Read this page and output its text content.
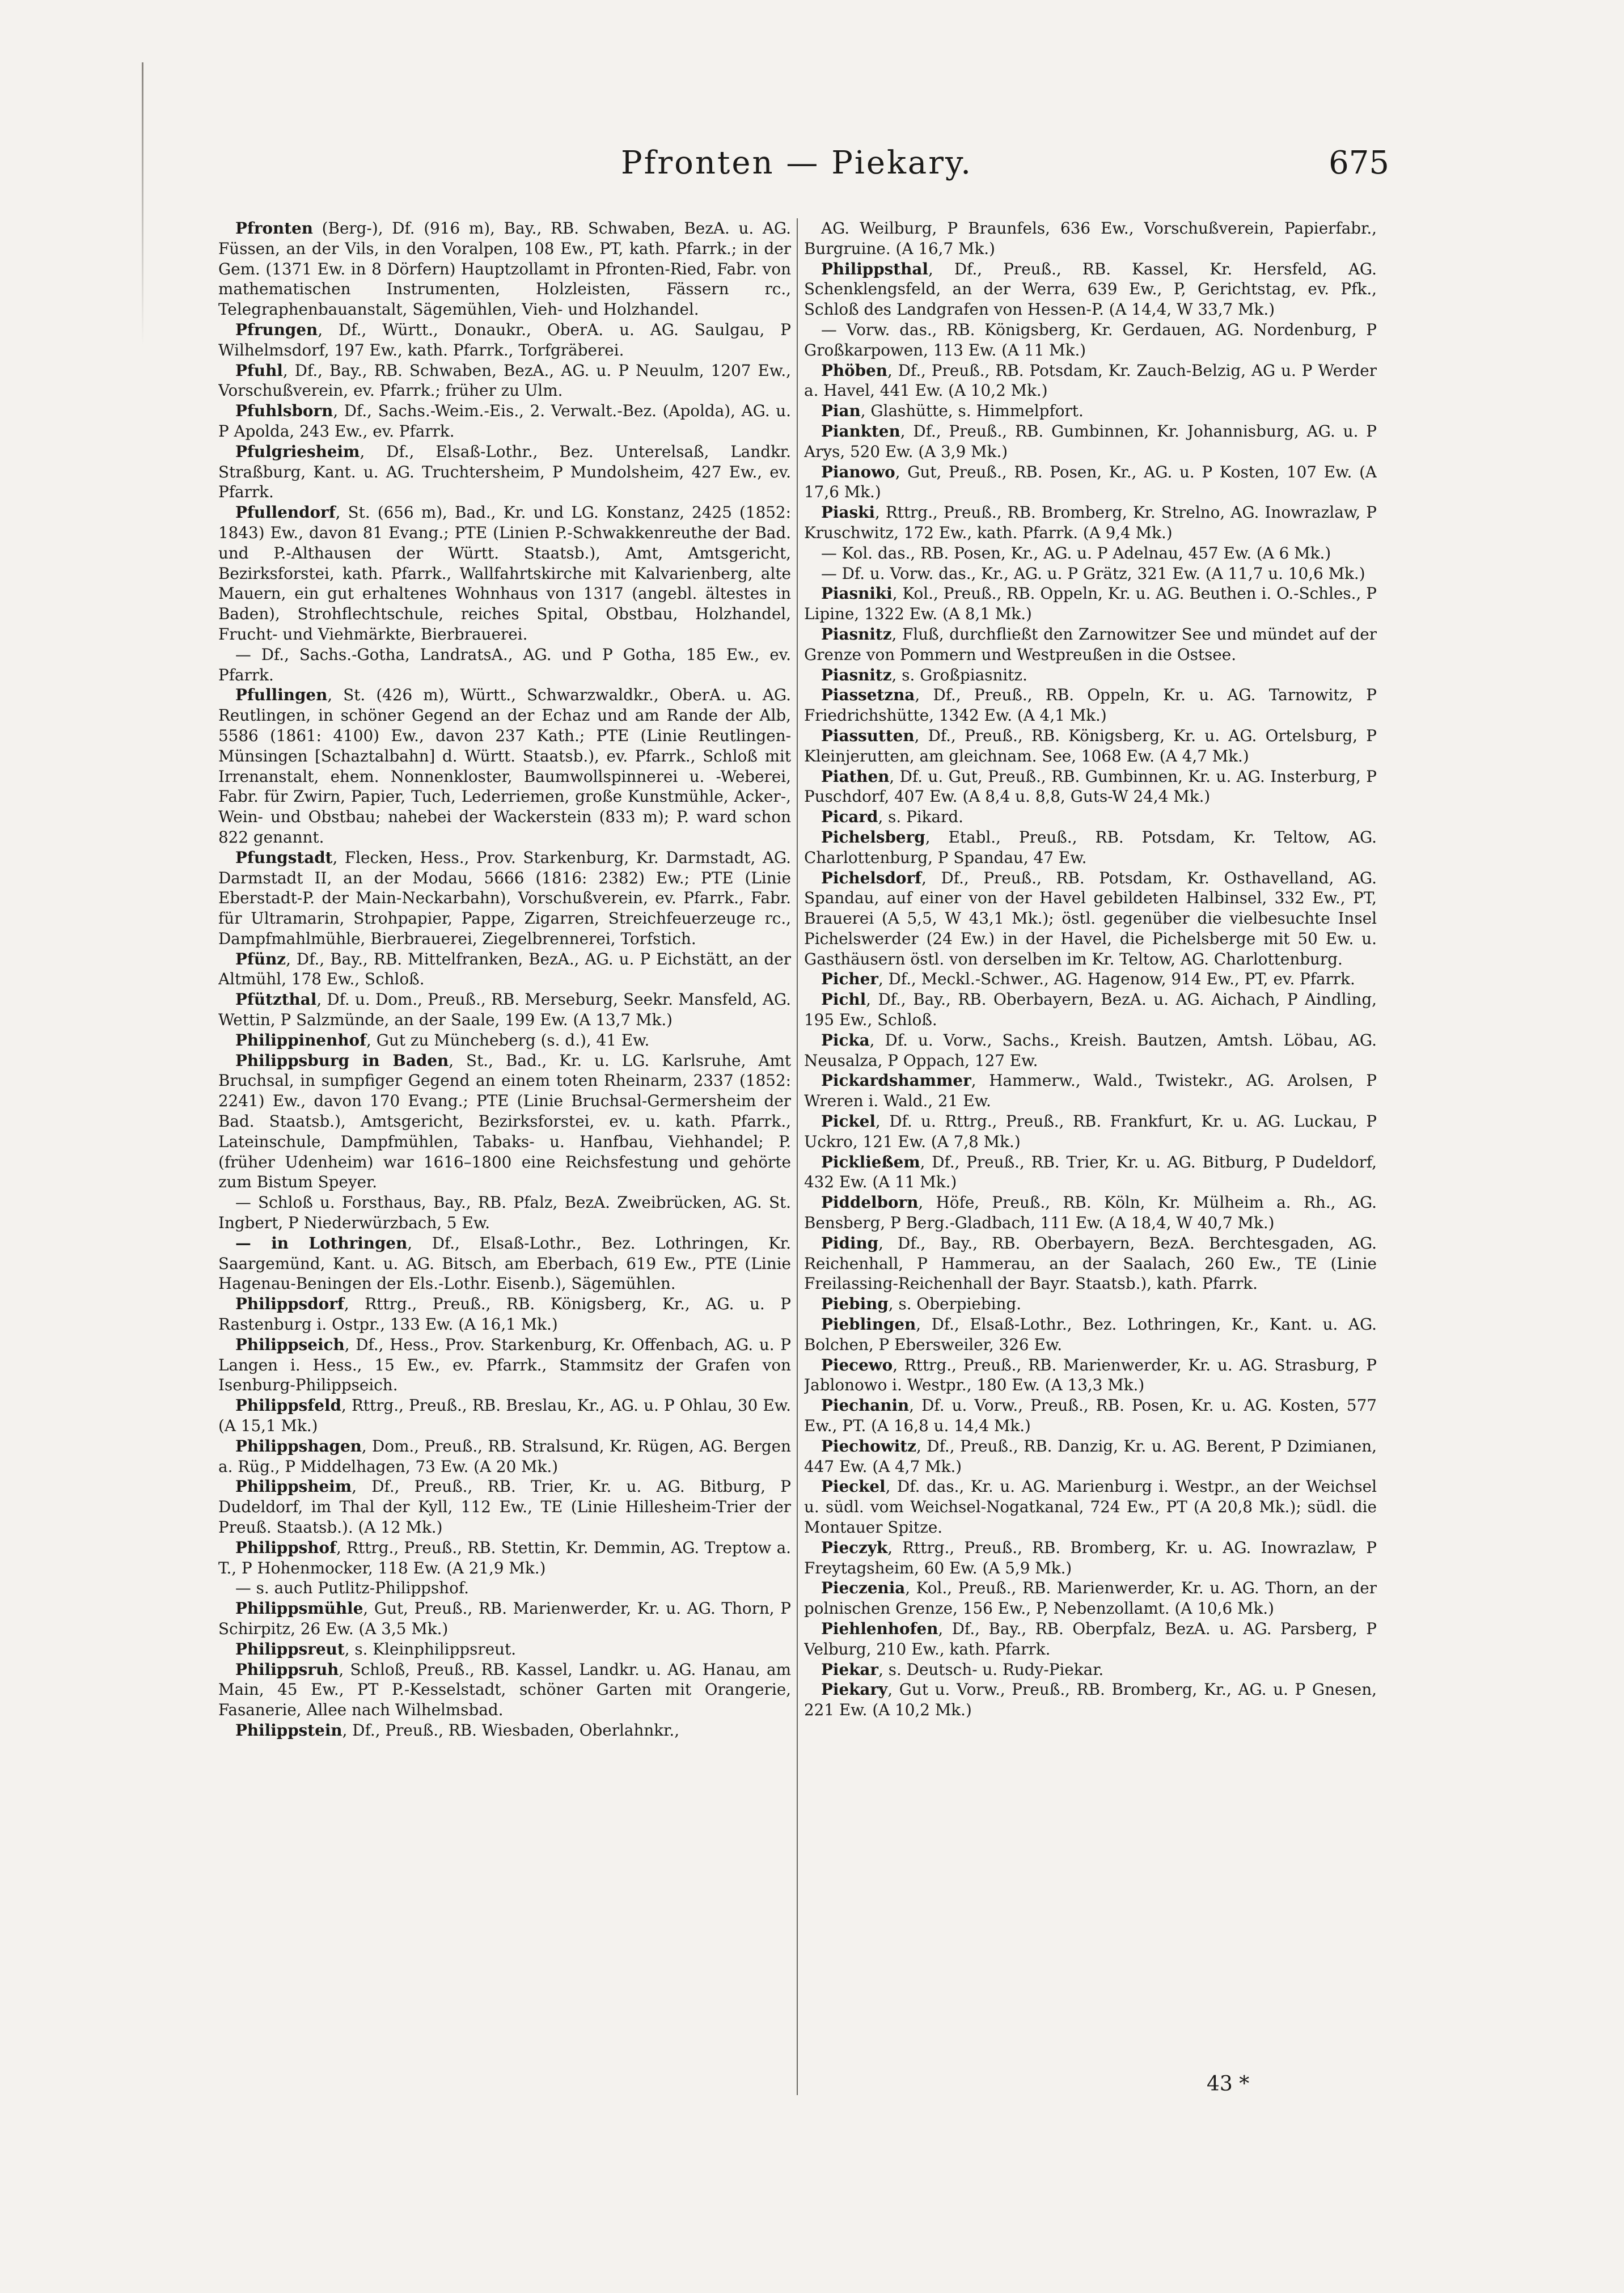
Pfronten — Piekary.	675

Pfronten (Berg-), Df. (916 m), Bay., RB. Schwaben, BezA. u. AG. Füssen, an der Vils, in den Voralpen, 108 Ew., PT, kath. Pfarrk.; in der Gem. (1371 Ew. in 8 Dörfern) Hauptzollamt in Pfronten-Ried, Fabr. von mathematischen Instrumenten, Holzleisten, Fässern rc., Telegraphenbauanstalt, Sägemühlen, Vieh- und Holzhandel.

Pfrungen, Df., Württ., Donaukr., OberA. u. AG. Saulgau, P Wilhelmsdorf, 197 Ew., kath. Pfarrk., Torfgräberei.

Pfuhl, Df., Bay., RB. Schwaben, BezA., AG. u. P Neuulm, 1207 Ew., Vorschußverein, ev. Pfarrk.; früher zu Ulm.

Pfuhlsborn, Df., Sachs.-Weim.-Eis., 2. Verwalt.-Bez. (Apolda), AG. u. P Apolda, 243 Ew., ev. Pfarrk.

Pfulgriesheim, Df., Elsaß-Lothr., Bez. Unterelsaß, Landkr. Straßburg, Kant. u. AG. Truchtersheim, P Mundolsheim, 427 Ew., ev. Pfarrk.

Pfullendorf, St. (656 m), Bad., Kr. und LG. Konstanz, 2425 (1852: 1843) Ew., davon 81 Evang.; PTE (Linien P.-Schwakkenreuthe der Bad. und P.-Althausen der Württ. Staatsb.), Amt, Amtsgericht, Bezirksforstei, kath. Pfarrk., Wallfahrtskirche mit Kalvarienberg, alte Mauern, ein gut erhaltenes Wohnhaus von 1317 (angebl. ältestes in Baden), Strohflechtschule, reiches Spital, Obstbau, Holzhandel, Frucht- und Viehmärkte, Bierbrauerei.

— Df., Sachs.-Gotha, LandratsA., AG. und P Gotha, 185 Ew., ev. Pfarrk.

Pfullingen, St. (426 m), Württ., Schwarzwaldkr., OberA. u. AG. Reutlingen, in schöner Gegend an der Echaz und am Rande der Alb, 5586 (1861: 4100) Ew., davon 237 Kath.; PTE (Linie Reutlingen-Münsingen [Schaztalbahn] d. Württ. Staatsb.), ev. Pfarrk., Schloß mit Irrenanstalt, ehem. Nonnenkloster, Baumwollspinnerei u. -Weberei, Fabr. für Zwirn, Papier, Tuch, Lederriemen, große Kunstmühle, Acker-, Wein- und Obstbau; nahebei der Wackerstein (833 m); P. ward schon 822 genannt.

Pfungstadt, Flecken, Hess., Prov. Starkenburg, Kr. Darmstadt, AG. Darmstadt II, an der Modau, 5666 (1816: 2382) Ew.; PTE (Linie Eberstadt-P. der Main-Neckarbahn), Vorschußverein, ev. Pfarrk., Fabr. für Ultramarin, Strohpapier, Pappe, Zigarren, Streichfeuerzeuge rc., Dampfmahlmühle, Bierbrauerei, Ziegelbrennerei, Torfstich.

Pfünz, Df., Bay., RB. Mittelfranken, BezA., AG. u. P Eichstätt, an der Altmühl, 178 Ew., Schloß.

Pfützthal, Df. u. Dom., Preuß., RB. Merseburg, Seekr. Mansfeld, AG. Wettin, P Salzmünde, an der Saale, 199 Ew. (A 13,7 Mk.)

Philippinenhof, Gut zu Müncheberg (s. d.), 41 Ew.

Philippsburg in Baden, St., Bad., Kr. u. LG. Karlsruhe, Amt Bruchsal, in sumpfiger Gegend an einem toten Rheinarm, 2337 (1852: 2241) Ew., davon 170 Evang.; PTE (Linie Bruchsal-Germersheim der Bad. Staatsb.), Amtsgericht, Bezirksforstei, ev. u. kath. Pfarrk., Lateinschule, Dampfmühlen, Tabaks- u. Hanfbau, Viehhandel; P. (früher Udenheim) war 1616–1800 eine Reichsfestung und gehörte zum Bistum Speyer.

— Schloß u. Forsthaus, Bay., RB. Pfalz, BezA. Zweibrücken, AG. St. Ingbert, P Niederwürzbach, 5 Ew.

— in Lothringen, Df., Elsaß-Lothr., Bez. Lothringen, Kr. Saargemünd, Kant. u. AG. Bitsch, am Eberbach, 619 Ew., PTE (Linie Hagenau-Beningen der Els.-Lothr. Eisenb.), Sägemühlen.

Philippsdorf, Rttrg., Preuß., RB. Königsberg, Kr., AG. u. P Rastenburg i. Ostpr., 133 Ew. (A 16,1 Mk.)

Philippseich, Df., Hess., Prov. Starkenburg, Kr. Offenbach, AG. u. P Langen i. Hess., 15 Ew., ev. Pfarrk., Stammsitz der Grafen von Isenburg-Philippseich.

Philippsfeld, Rttrg., Preuß., RB. Breslau, Kr., AG. u. P Ohlau, 30 Ew. (A 15,1 Mk.)

Philippshagen, Dom., Preuß., RB. Stralsund, Kr. Rügen, AG. Bergen a. Rüg., P Middelhagen, 73 Ew. (A 20 Mk.)

Philippsheim, Df., Preuß., RB. Trier, Kr. u. AG. Bitburg, P Dudeldorf, im Thal der Kyll, 112 Ew., TE (Linie Hillesheim-Trier der Preuß. Staatsb.). (A 12 Mk.)

Philippshof, Rttrg., Preuß., RB. Stettin, Kr. Demmin, AG. Treptow a. T., P Hohenmocker, 118 Ew. (A 21,9 Mk.)

— s. auch Putlitz-Philippshof.

Philippsmühle, Gut, Preuß., RB. Marienwerder, Kr. u. AG. Thorn, P Schirpitz, 26 Ew. (A 3,5 Mk.)

Philippsreut, s. Kleinphilippsreut.

Philippsruh, Schloß, Preuß., RB. Kassel, Landkr. u. AG. Hanau, am Main, 45 Ew., PT P.-Kesselstadt, schöner Garten mit Orangerie, Fasanerie, Allee nach Wilhelmsbad.

Philippstein, Df., Preuß., RB. Wiesbaden, Oberlahnkr.,

AG. Weilburg, P Braunfels, 636 Ew., Vorschußverein, Papierfabr., Burgruine. (A 16,7 Mk.)

Philippsthal, Df., Preuß., RB. Kassel, Kr. Hersfeld, AG. Schenklengsfeld, an der Werra, 639 Ew., P, Gerichtstag, ev. Pfk., Schloß des Landgrafen von Hessen-P. (A 14,4, W 33,7 Mk.)

— Vorw. das., RB. Königsberg, Kr. Gerdauen, AG. Nordenburg, P Großkarpowen, 113 Ew. (A 11 Mk.)

Phöben, Df., Preuß., RB. Potsdam, Kr. Zauch-Belzig, AG u. P Werder a. Havel, 441 Ew. (A 10,2 Mk.)

Pian, Glashütte, s. Himmelpfort.

Piankten, Df., Preuß., RB. Gumbinnen, Kr. Johannisburg, AG. u. P Arys, 520 Ew. (A 3,9 Mk.)

Pianowo, Gut, Preuß., RB. Posen, Kr., AG. u. P Kosten, 107 Ew. (A 17,6 Mk.)

Piaski, Rttrg., Preuß., RB. Bromberg, Kr. Strelno, AG. Inowrazlaw, P Kruschwitz, 172 Ew., kath. Pfarrk. (A 9,4 Mk.)

— Kol. das., RB. Posen, Kr., AG. u. P Adelnau, 457 Ew. (A 6 Mk.)

— Df. u. Vorw. das., Kr., AG. u. P Grätz, 321 Ew. (A 11,7 u. 10,6 Mk.)

Piasniki, Kol., Preuß., RB. Oppeln, Kr. u. AG. Beuthen i. O.-Schles., P Lipine, 1322 Ew. (A 8,1 Mk.)

Piasnitz, Fluß, durchfließt den Zarnowitzer See und mündet auf der Grenze von Pommern und Westpreußen in die Ostsee.

Piasnitz, s. Großpiasnitz.

Piassetzna, Df., Preuß., RB. Oppeln, Kr. u. AG. Tarnowitz, P Friedrichshütte, 1342 Ew. (A 4,1 Mk.)

Piassutten, Df., Preuß., RB. Königsberg, Kr. u. AG. Ortelsburg, P Kleinjerutten, am gleichnam. See, 1068 Ew. (A 4,7 Mk.)

Piathen, Df. u. Gut, Preuß., RB. Gumbinnen, Kr. u. AG. Insterburg, P Puschdorf, 407 Ew. (A 8,4 u. 8,8, Guts-W 24,4 Mk.)

Picard, s. Pikard.

Pichelsberg, Etabl., Preuß., RB. Potsdam, Kr. Teltow, AG. Charlottenburg, P Spandau, 47 Ew.

Pichelsdorf, Df., Preuß., RB. Potsdam, Kr. Osthavelland, AG. Spandau, auf einer von der Havel gebildeten Halbinsel, 332 Ew., PT, Brauerei (A 5,5, W 43,1 Mk.); östl. gegenüber die vielbesuchte Insel Pichelswerder (24 Ew.) in der Havel, die Pichelsberge mit 50 Ew. u. Gasthäusern östl. von derselben im Kr. Teltow, AG. Charlottenburg.

Picher, Df., Meckl.-Schwer., AG. Hagenow, 914 Ew., PT, ev. Pfarrk.

Pichl, Df., Bay., RB. Oberbayern, BezA. u. AG. Aichach, P Aindling, 195 Ew., Schloß.

Picka, Df. u. Vorw., Sachs., Kreish. Bautzen, Amtsh. Löbau, AG. Neusalza, P Oppach, 127 Ew.

Pickardshammer, Hammerw., Wald., Twistekr., AG. Arolsen, P Wreren i. Wald., 21 Ew.

Pickel, Df. u. Rttrg., Preuß., RB. Frankfurt, Kr. u. AG. Luckau, P Uckro, 121 Ew. (A 7,8 Mk.)

Pickließem, Df., Preuß., RB. Trier, Kr. u. AG. Bitburg, P Dudeldorf, 432 Ew. (A 11 Mk.)

Piddelborn, Höfe, Preuß., RB. Köln, Kr. Mülheim a. Rh., AG. Bensberg, P Berg.-Gladbach, 111 Ew. (A 18,4, W 40,7 Mk.)

Piding, Df., Bay., RB. Oberbayern, BezA. Berchtesgaden, AG. Reichenhall, P Hammerau, an der Saalach, 260 Ew., TE (Linie Freilassing-Reichenhall der Bayr. Staatsb.), kath. Pfarrk.

Piebing, s. Oberpiebing.

Pieblingen, Df., Elsaß-Lothr., Bez. Lothringen, Kr., Kant. u. AG. Bolchen, P Ebersweiler, 326 Ew.

Piecewo, Rttrg., Preuß., RB. Marienwerder, Kr. u. AG. Strasburg, P Jablonowo i. Westpr., 180 Ew. (A 13,3 Mk.)

Piechanin, Df. u. Vorw., Preuß., RB. Posen, Kr. u. AG. Kosten, 577 Ew., PT. (A 16,8 u. 14,4 Mk.)

Piechowitz, Df., Preuß., RB. Danzig, Kr. u. AG. Berent, P Dzimianen, 447 Ew. (A 4,7 Mk.)

Pieckel, Df. das., Kr. u. AG. Marienburg i. Westpr., an der Weichsel u. südl. vom Weichsel-Nogatkanal, 724 Ew., PT (A 20,8 Mk.); südl. die Montauer Spitze.

Pieczyk, Rttrg., Preuß., RB. Bromberg, Kr. u. AG. Inowrazlaw, P Freytagsheim, 60 Ew. (A 5,9 Mk.)

Pieczenia, Kol., Preuß., RB. Marienwerder, Kr. u. AG. Thorn, an der polnischen Grenze, 156 Ew., P, Nebenzollamt. (A 10,6 Mk.)

Piehlenhofen, Df., Bay., RB. Oberpfalz, BezA. u. AG. Parsberg, P Velburg, 210 Ew., kath. Pfarrk.

Piekar, s. Deutsch- u. Rudy-Piekar.

Piekary, Gut u. Vorw., Preuß., RB. Bromberg, Kr., AG. u. P Gnesen, 221 Ew. (A 10,2 Mk.)

43 *
